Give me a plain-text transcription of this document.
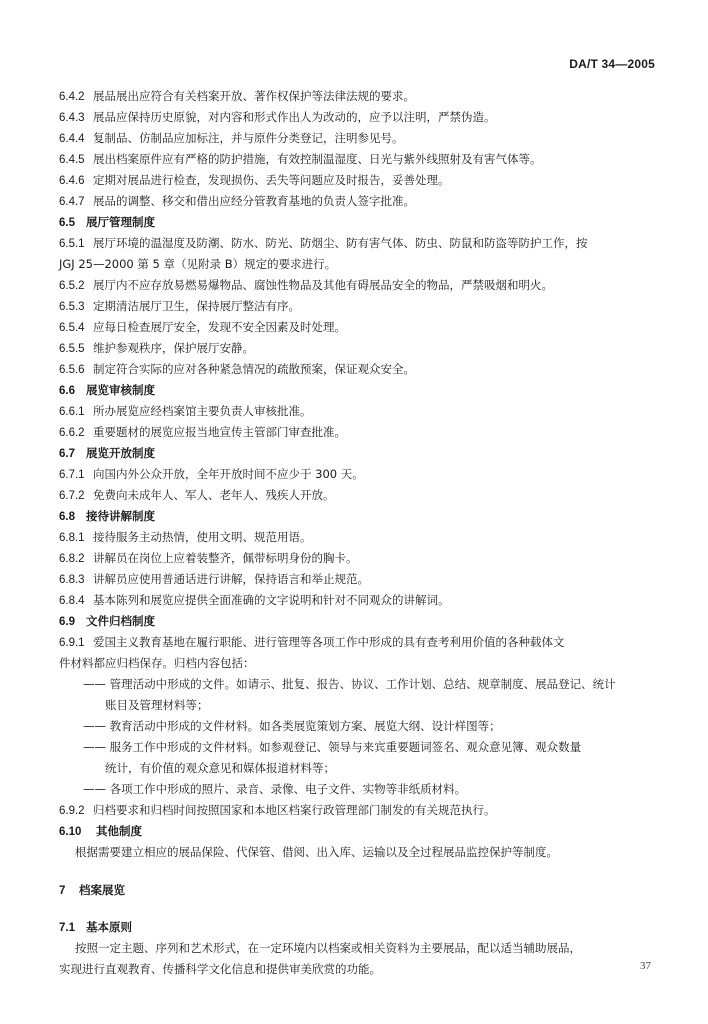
DA/T 34—2005
6.4.2 展品展出应符合有关档案开放、著作权保护等法律法规的要求。
6.4.3 展品应保持历史原貌，对内容和形式作出人为改动的，应予以注明，严禁伪造。
6.4.4 复制品、仿制品应加标注，并与原件分类登记，注明参见号。
6.4.5 展出档案原件应有严格的防护措施，有效控制温湿度、日光与紫外线照射及有害气体等。
6.4.6 定期对展品进行检查，发现损伤、丢失等问题应及时报告，妥善处理。
6.4.7 展品的调整、移交和借出应经分管教育基地的负责人签字批准。
6.5 展厅管理制度
6.5.1 展厅环境的温湿度及防潮、防水、防光、防烟尘、防有害气体、防虫、防鼠和防盗等防护工作，按
JGJ 25—2000 第 5 章（见附录 B）规定的要求进行。
6.5.2 展厅内不应存放易燃易爆物品、腐蚀性物品及其他有碍展品安全的物品，严禁吸烟和明火。
6.5.3 定期清洁展厅卫生，保持展厅整洁有序。
6.5.4 应每日检查展厅安全，发现不安全因素及时处理。
6.5.5 维护参观秩序，保护展厅安静。
6.5.6 制定符合实际的应对各种紧急情况的疏散预案，保证观众安全。
6.6 展览审核制度
6.6.1 所办展览应经档案馆主要负责人审核批准。
6.6.2 重要题材的展览应报当地宣传主管部门审查批准。
6.7 展览开放制度
6.7.1 向国内外公众开放，全年开放时间不应少于 300 天。
6.7.2 免费向未成年人、军人、老年人、残疾人开放。
6.8 接待讲解制度
6.8.1 接待服务主动热情，使用文明、规范用语。
6.8.2 讲解员在岗位上应着装整齐，佩带标明身份的胸卡。
6.8.3 讲解员应使用普通话进行讲解，保持语言和举止规范。
6.8.4 基本陈列和展览应提供全面准确的文字说明和针对不同观众的讲解词。
6.9 文件归档制度
6.9.1 爱国主义教育基地在履行职能、进行管理等各项工作中形成的具有查考利用价值的各种载体文
件材料都应归档保存。归档内容包括：
—— 管理活动中形成的文件。如请示、批复、报告、协议、工作计划、总结、规章制度、展品登记、统计
账目及管理材料等；
—— 教育活动中形成的文件材料。如各类展览策划方案、展览大纲、设计样图等；
—— 服务工作中形成的文件材料。如参观登记、领导与来宾重要题词签名、观众意见簿、观众数量
统计，有价值的观众意见和媒体报道材料等；
—— 各项工作中形成的照片、录音、录像、电子文件、实物等非纸质材料。
6.9.2 归档要求和归档时间按照国家和本地区档案行政管理部门制发的有关规范执行。
6.10 其他制度
根据需要建立相应的展品保险、代保管、借阅、出入库、运输以及全过程展品监控保护等制度。
7 档案展览
7.1 基本原则
按照一定主题、序列和艺术形式，在一定环境内以档案或相关资料为主要展品，配以适当辅助展品，
实现进行直观教育、传播科学文化信息和提供审美欣赏的功能。	37
